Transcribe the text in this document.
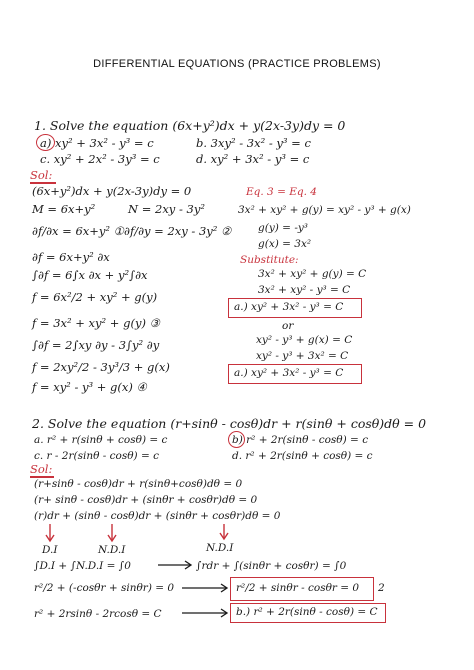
DIFFERENTIAL EQUATIONS (PRACTICE PROBLEMS)
1. Solve the equation (6x+y²)dx + y(2x-3y)dy = 0
a) xy² + 3x² - y³ = c	b. 3xy² - 3x² - y³ = c
c. xy² + 2x² - 3y³ = c	d. xy² + 3x² - y³ = c
Sol:
(6x+y²)dx + y(2x-3y)dy = 0
M = 6x+y²	N = 2xy - 3y²
∂f/∂x = 6x+y² ① ∂f/∂y = 2xy - 3y² ②
∂f = 6x+y² ∂x
∫∂f = 6∫x ∂x + y²∫∂x
f = 6x²/2 + xy² + g(y)
f = 3x² + xy² + g(y) ③
∫∂f = 2∫xy ∂y - 3∫y² ∂y
f = 2xy²/2 - 3y³/3 + g(x)
f = xy² - y³ + g(x) ④
Eq. 3 = Eq. 4
3x² + xy² + g(y) = xy² - y³ + g(x)
g(y) = -y³
g(x) = 3x²
Substitute:
3x² + xy² + g(y) = C
3x² + xy² - y³ = C
a.) xy² + 3x² - y³ = C
or
xy² - y³ + g(x) = C
xy² - y³ + 3x² = C
a.) xy² + 3x² - y³ = C
2. Solve the equation (r+sinθ - cosθ)dr + r(sinθ + cosθ)dθ = 0
a. r² + r(sinθ + cosθ) = c	b) r² + 2r(sinθ - cosθ) = c
c. r - 2r(sinθ - cosθ) = c	d. r² + 2r(sinθ + cosθ) = c
Sol:
(r+sinθ - cosθ)dr + r(sinθ+cosθ)dθ = 0
(r+ sinθ - cosθ)dr + (sinθr + cosθr)dθ = 0
(r)dr + (sinθ - cosθ)dr + (sinθr + cosθr)dθ = 0
D.I	N.D.I	N.D.I
∫D.I + ∫N.D.I = ∫0	∫rdr + ∫(sinθr + cosθr) = ∫0
r²/2 + (-cosθr + sinθr) = 0	r²/2 + sinθr - cosθr = 0 2
r² + 2rsinθ - 2rcosθ = C	b.) r² + 2r(sinθ - cosθ) = C
